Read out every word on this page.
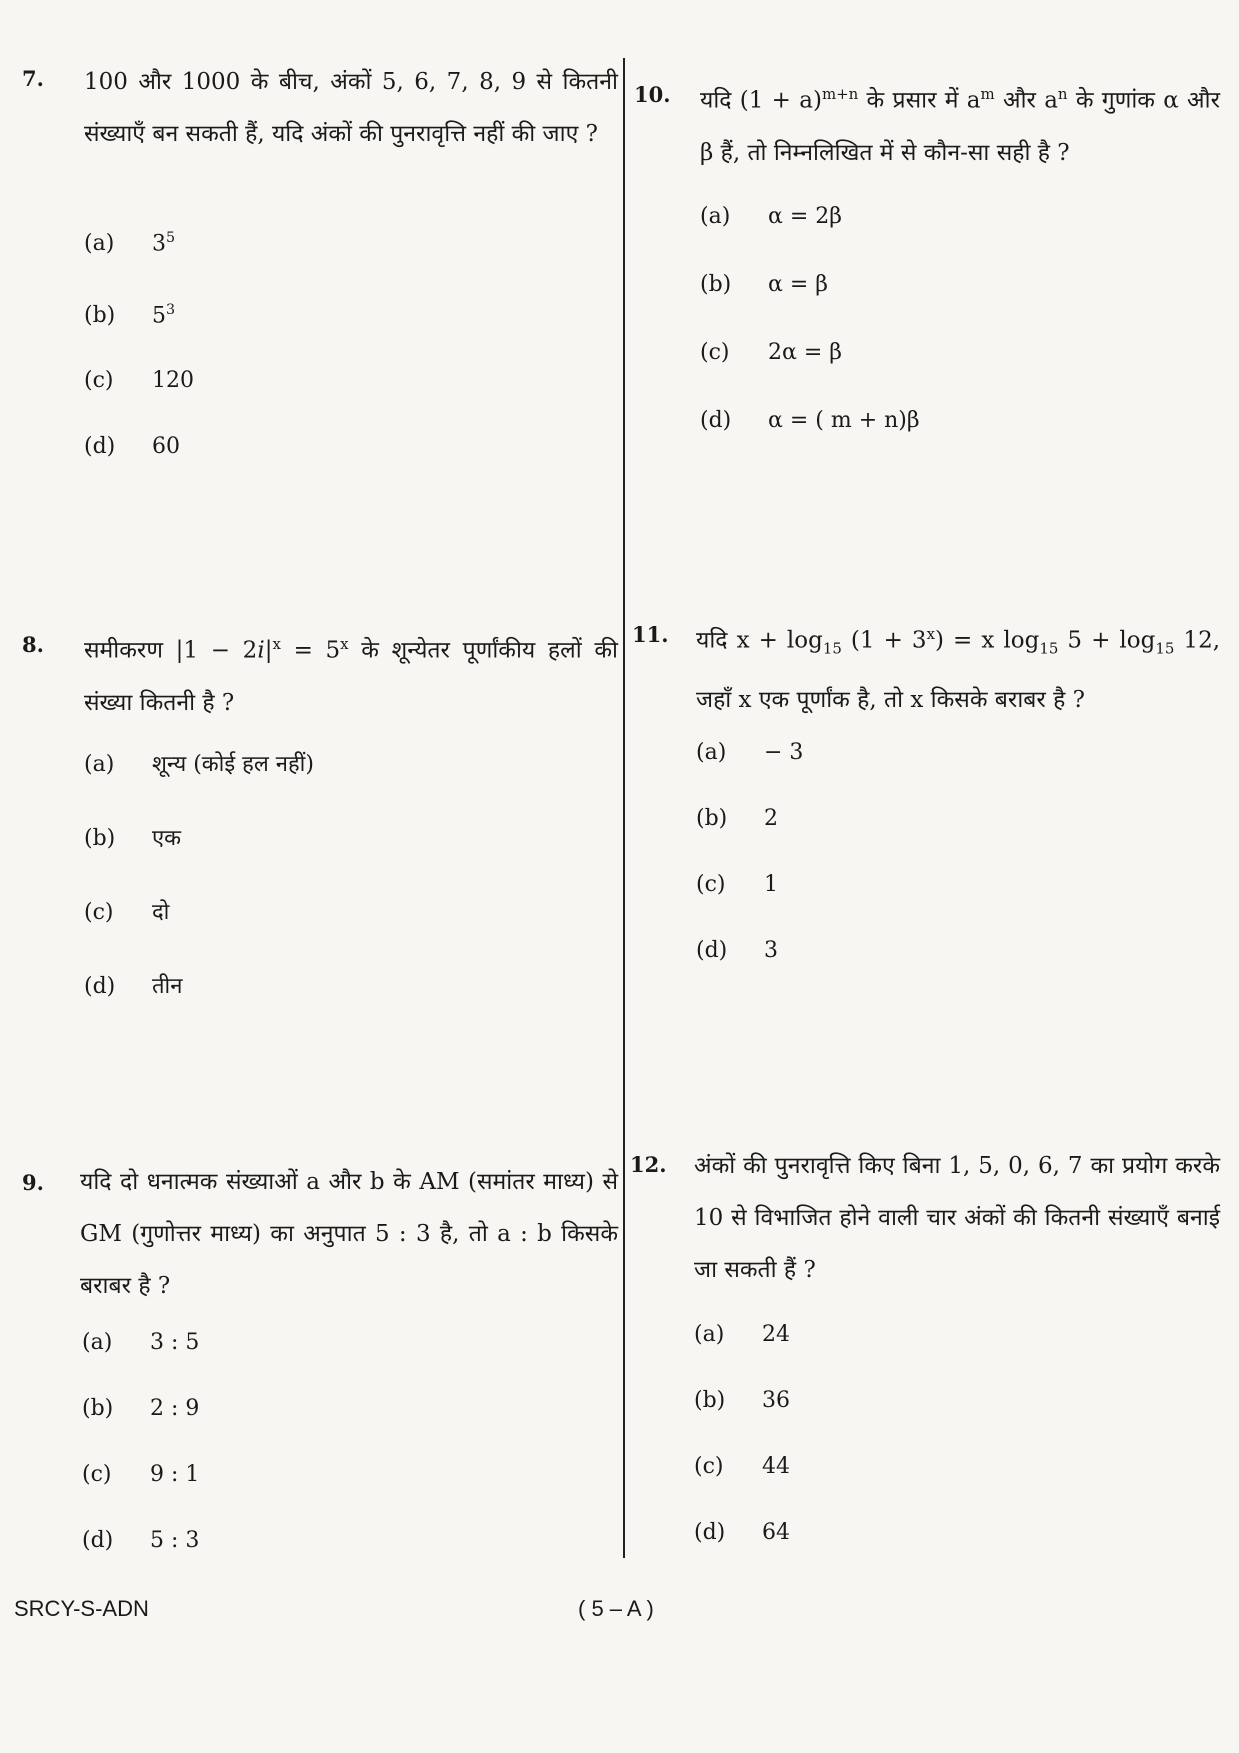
7. 100 और 1000 के बीच, अंकों 5, 6, 7, 8, 9 से कितनी संख्याएँ बन सकती हैं, यदि अंकों की पुनरावृत्ति नहीं की जाए ?
(a) $3^5$
(b) $5^3$
(c) 120
(d) 60
8. समीकरण $|1 - 2i|^x = 5^x$ के शून्येतर पूर्णांकीय हलों की संख्या कितनी है ?
(a) शून्य (कोई हल नहीं)
(b) एक
(c) दो
(d) तीन
9. यदि दो धनात्मक संख्याओं a और b के AM (समांतर माध्य) से GM (गुणोत्तर माध्य) का अनुपात 5 : 3 है, तो a : b किसके बराबर है ?
(a) 3 : 5
(b) 2 : 9
(c) 9 : 1
(d) 5 : 3
10. यदि $(1 + a)^{m+n}$ के प्रसार में $a^m$ और $a^n$ के गुणांक α और β हैं, तो निम्नलिखित में से कौन-सा सही है ?
(a) α = 2β
(b) α = β
(c) 2α = β
(d) α = ( m + n)β
11. यदि $x + \log_{15} (1 + 3^x) = x$ $\log_{15} 5 + \log_{15} 12$, जहाँ x एक पूर्णांक है, तो x किसके बराबर है ?
(a) − 3
(b) 2
(c) 1
(d) 3
12. अंकों की पुनरावृत्ति किए बिना 1, 5, 0, 6, 7 का प्रयोग करके 10 से विभाजित होने वाली चार अंकों की कितनी संख्याएँ बनाई जा सकती हैं ?
(a) 24
(b) 36
(c) 44
(d) 64
SRCY-S-ADN	( 5 – A )
